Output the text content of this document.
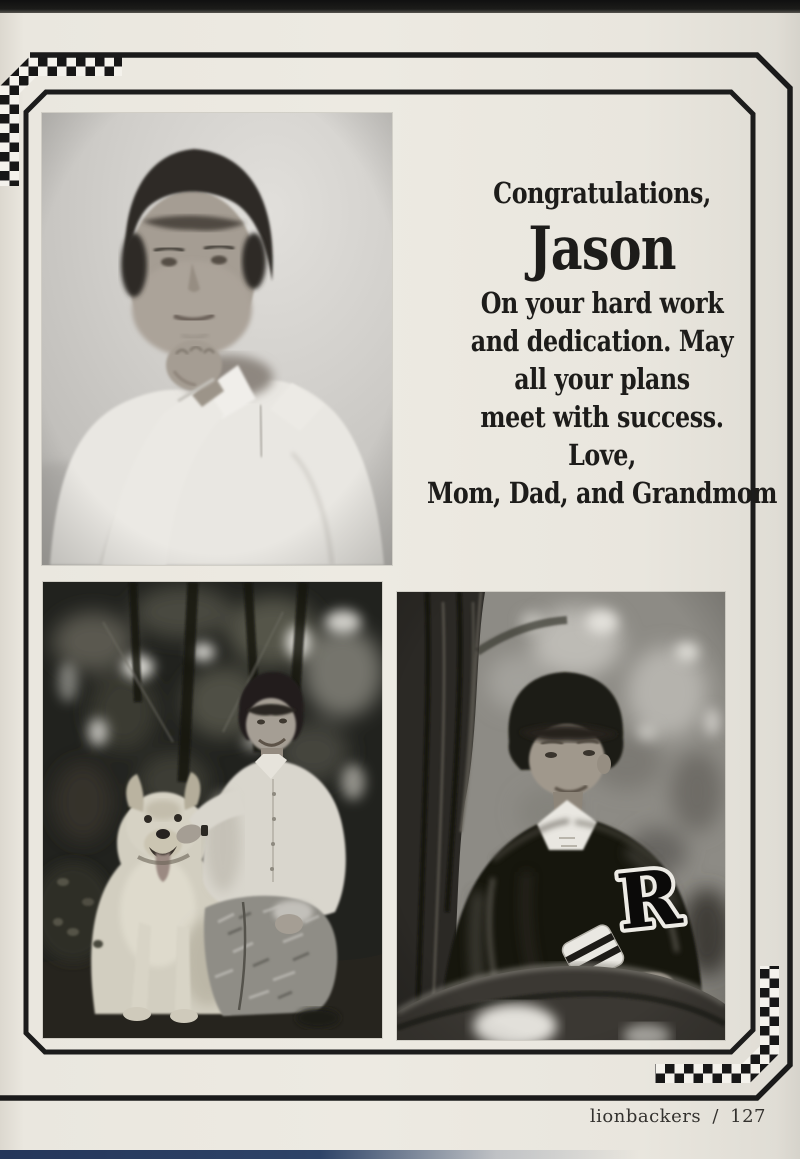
Congratulations,
Jason
On your hard work
and dedication. May
all your plans
meet with success.
Love,
Mom, Dad, and Grandmom
lionbackers / 127
